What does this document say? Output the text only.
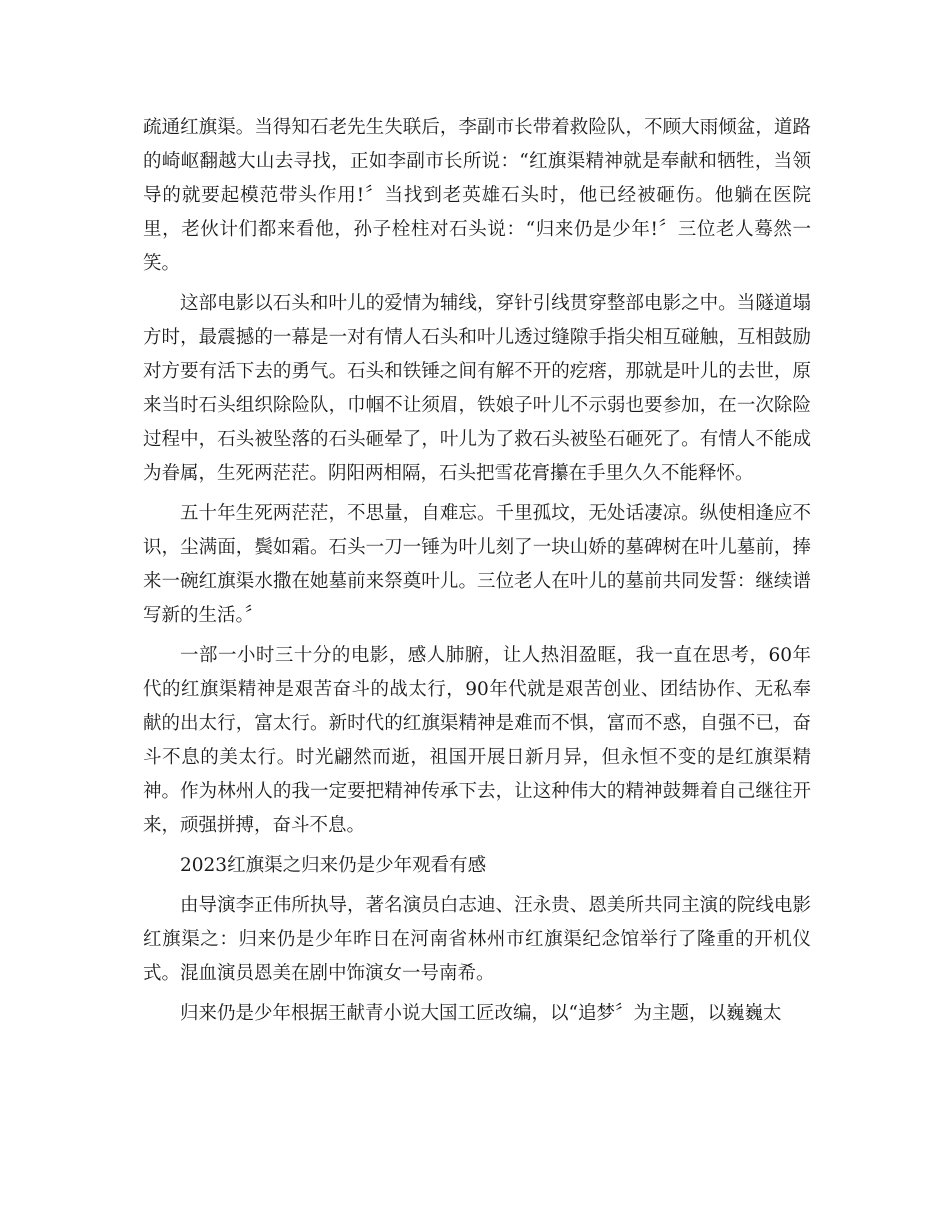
疏通红旗渠。当得知石老先生失联后，李副市长带着救险队，不顾大雨倾盆，道路的崎岖翻越大山去寻找，正如李副市长所说：“红旗渠精神就是奉献和牺牲，当领导的就要起模范带头作用!〞当找到老英雄石头时，他已经被砸伤。他躺在医院里，老伙计们都来看他，孙子栓柱对石头说：“归来仍是少年!〞三位老人蓦然一笑。

这部电影以石头和叶儿的爱情为辅线，穿针引线贯穿整部电影之中。当隧道塌方时，最震撼的一幕是一对有情人石头和叶儿透过缝隙手指尖相互碰触，互相鼓励对方要有活下去的勇气。石头和铁锤之间有解不开的疙瘩，那就是叶儿的去世，原来当时石头组织除险队，巾帼不让须眉，铁娘子叶儿不示弱也要参加，在一次除险过程中，石头被坠落的石头砸晕了，叶儿为了救石头被坠石砸死了。有情人不能成为眷属，生死两茫茫。阴阳两相隔，石头把雪花膏攥在手里久久不能释怀。

五十年生死两茫茫，不思量，自难忘。千里孤坟，无处话凄凉。纵使相逢应不识，尘满面，鬓如霜。石头一刀一锤为叶儿刻了一块山娇的墓碑树在叶儿墓前，捧来一碗红旗渠水撒在她墓前来祭奠叶儿。三位老人在叶儿的墓前共同发誓：继续谱写新的生活。〞

一部一小时三十分的电影，感人肺腑，让人热泪盈眶，我一直在思考，60年代的红旗渠精神是艰苦奋斗的战太行，90年代就是艰苦创业、团结协作、无私奉献的出太行，富太行。新时代的红旗渠精神是难而不惧，富而不惑，自强不已，奋斗不息的美太行。时光翩然而逝，祖国开展日新月异，但永恒不变的是红旗渠精神。作为林州人的我一定要把精神传承下去，让这种伟大的精神鼓舞着自己继往开来，顽强拼搏，奋斗不息。

2023红旗渠之归来仍是少年观看有感

由导演李正伟所执导，著名演员白志迪、汪永贵、恩美所共同主演的院线电影红旗渠之：归来仍是少年昨日在河南省林州市红旗渠纪念馆举行了隆重的开机仪式。混血演员恩美在剧中饰演女一号南希。

归来仍是少年根据王献青小说大国工匠改编，以“追梦〞为主题，以巍巍太
